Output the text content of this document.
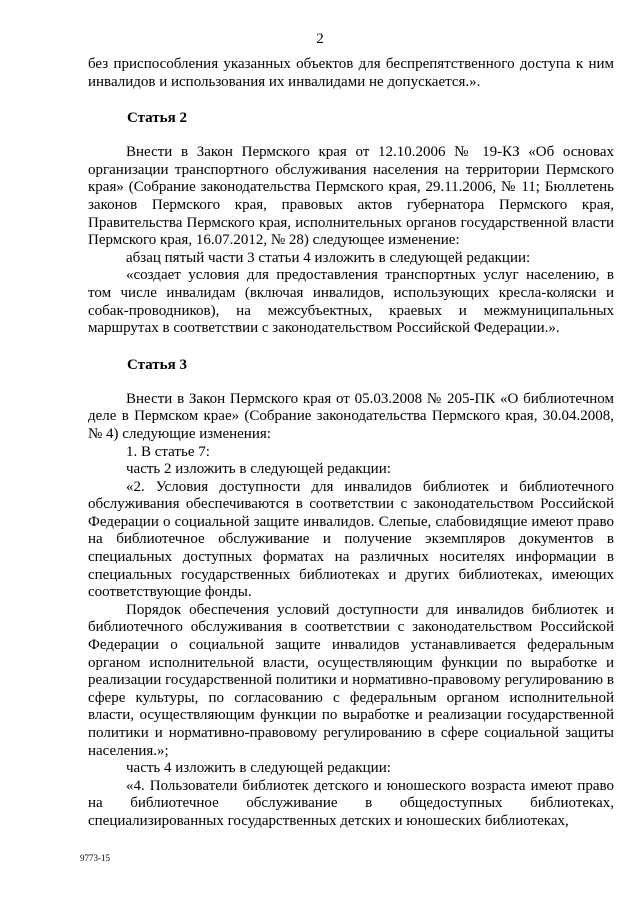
2

без приспособления указанных объектов для беспрепятственного доступа к ним инвалидов и использования их инвалидами не допускается.».

Статья 2

Внести в Закон Пермского края от 12.10.2006 № 19-КЗ «Об основах организации транспортного обслуживания населения на территории Пермского края» (Собрание законодательства Пермского края, 29.11.2006, № 11; Бюллетень законов Пермского края, правовых актов губернатора Пермского края, Правительства Пермского края, исполнительных органов государственной власти Пермского края, 16.07.2012, № 28) следующее изменение:

абзац пятый части 3 статьи 4 изложить в следующей редакции:

«создает условия для предоставления транспортных услуг населению, в том числе инвалидам (включая инвалидов, использующих кресла-коляски и собак-проводников), на межсубъектных, краевых и межмуниципальных маршрутах в соответствии с законодательством Российской Федерации.».

Статья 3

Внести в Закон Пермского края от 05.03.2008 № 205-ПК «О библиотечном деле в Пермском крае» (Собрание законодательства Пермского края, 30.04.2008, № 4) следующие изменения:

1. В статье 7:

часть 2 изложить в следующей редакции:

«2. Условия доступности для инвалидов библиотек и библиотечного обслуживания обеспечиваются в соответствии с законодательством Российской Федерации о социальной защите инвалидов. Слепые, слабовидящие имеют право на библиотечное обслуживание и получение экземпляров документов в специальных доступных форматах на различных носителях информации в специальных государственных библиотеках и других библиотеках, имеющих соответствующие фонды.

Порядок обеспечения условий доступности для инвалидов библиотек и библиотечного обслуживания в соответствии с законодательством Российской Федерации о социальной защите инвалидов устанавливается федеральным органом исполнительной власти, осуществляющим функции по выработке и реализации государственной политики и нормативно-правовому регулированию в сфере культуры, по согласованию с федеральным органом исполнительной власти, осуществляющим функции по выработке и реализации государственной политики и нормативно-правовому регулированию в сфере социальной защиты населения.»;

часть 4 изложить в следующей редакции:

«4. Пользователи библиотек детского и юношеского возраста имеют право на библиотечное обслуживание в общедоступных библиотеках, специализированных государственных детских и юношеских библиотеках,

9773-15
